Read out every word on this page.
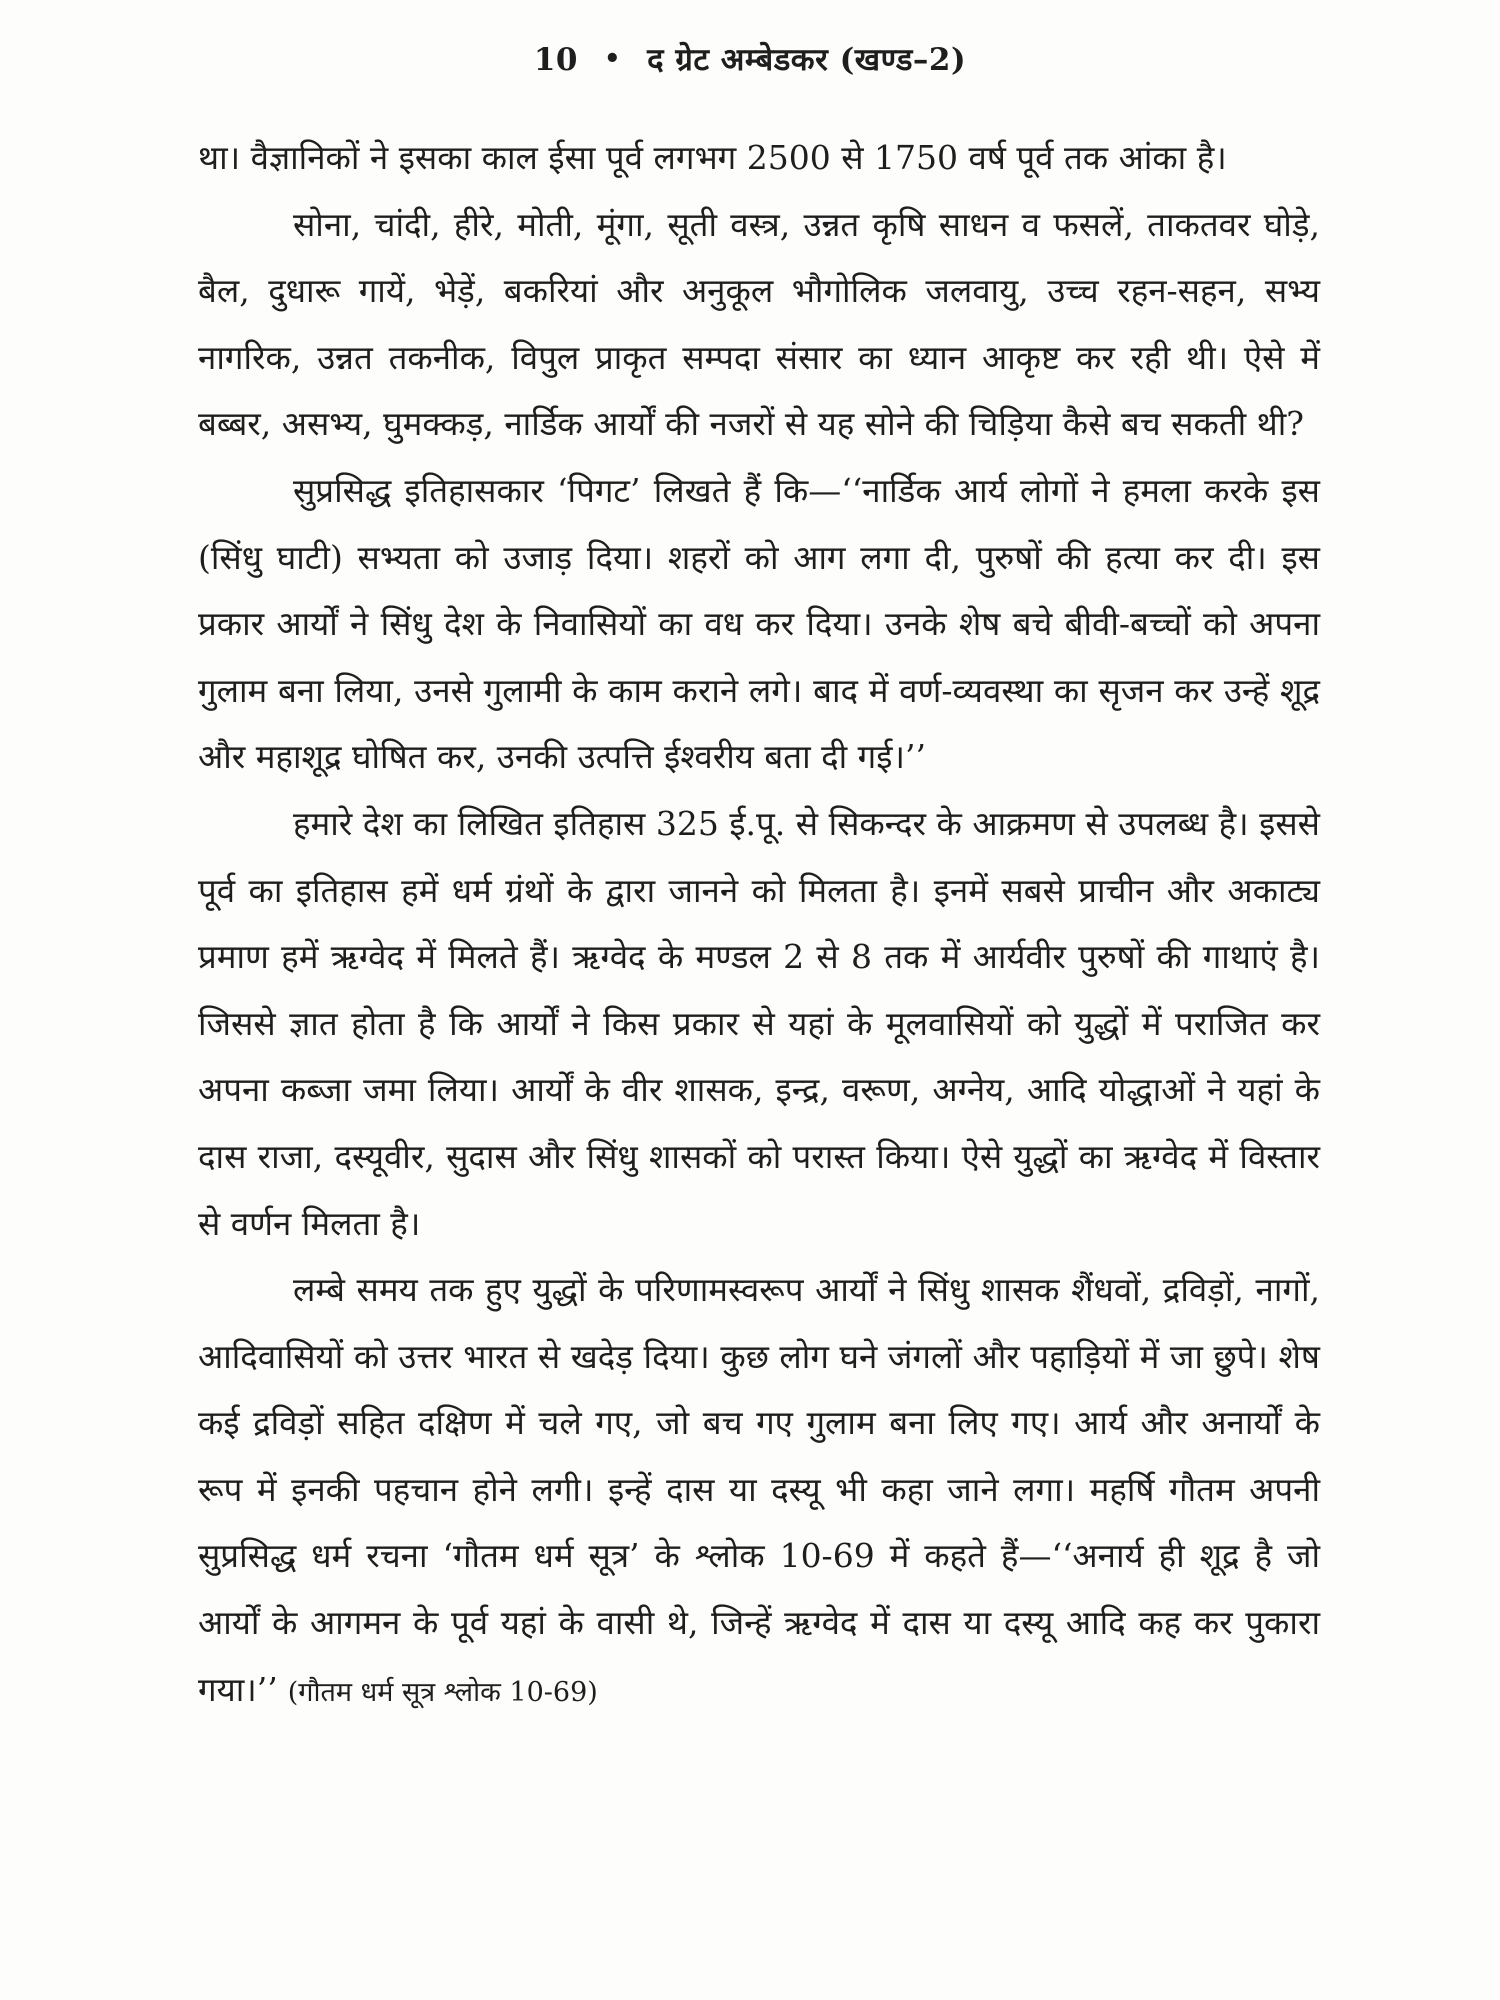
10 • द ग्रेट अम्बेडकर (खण्ड–2)

था। वैज्ञानिकों ने इसका काल ईसा पूर्व लगभग 2500 से 1750 वर्ष पूर्व तक आंका है।

सोना, चांदी, हीरे, मोती, मूंगा, सूती वस्त्र, उन्नत कृषि साधन व फसलें, ताकतवर घोड़े, बैल, दुधारू गायें, भेड़ें, बकरियां और अनुकूल भौगोलिक जलवायु, उच्च रहन-सहन, सभ्य नागरिक, उन्नत तकनीक, विपुल प्राकृत सम्पदा संसार का ध्यान आकृष्ट कर रही थी। ऐसे में बब्बर, असभ्य, घुमक्कड़, नार्डिक आर्यों की नजरों से यह सोने की चिड़िया कैसे बच सकती थी?

सुप्रसिद्ध इतिहासकार ‘पिगट’ लिखते हैं कि—‘‘नार्डिक आर्य लोगों ने हमला करके इस (सिंधु घाटी) सभ्यता को उजाड़ दिया। शहरों को आग लगा दी, पुरुषों की हत्या कर दी। इस प्रकार आर्यों ने सिंधु देश के निवासियों का वध कर दिया। उनके शेष बचे बीवी-बच्चों को अपना गुलाम बना लिया, उनसे गुलामी के काम कराने लगे। बाद में वर्ण-व्यवस्था का सृजन कर उन्हें शूद्र और महाशूद्र घोषित कर, उनकी उत्पत्ति ईश्वरीय बता दी गई।’’

हमारे देश का लिखित इतिहास 325 ई.पू. से सिकन्दर के आक्रमण से उपलब्ध है। इससे पूर्व का इतिहास हमें धर्म ग्रंथों के द्वारा जानने को मिलता है। इनमें सबसे प्राचीन और अकाट्य प्रमाण हमें ऋग्वेद में मिलते हैं। ऋग्वेद के मण्डल 2 से 8 तक में आर्यवीर पुरुषों की गाथाएं है। जिससे ज्ञात होता है कि आर्यों ने किस प्रकार से यहां के मूलवासियों को युद्धों में पराजित कर अपना कब्जा जमा लिया। आर्यों के वीर शासक, इन्द्र, वरूण, अग्नेय, आदि योद्धाओं ने यहां के दास राजा, दस्यूवीर, सुदास और सिंधु शासकों को परास्त किया। ऐसे युद्धों का ऋग्वेद में विस्तार से वर्णन मिलता है।

लम्बे समय तक हुए युद्धों के परिणामस्वरूप आर्यों ने सिंधु शासक शैंधवों, द्रविड़ों, नागों, आदिवासियों को उत्तर भारत से खदेड़ दिया। कुछ लोग घने जंगलों और पहाड़ियों में जा छुपे। शेष कई द्रविड़ों सहित दक्षिण में चले गए, जो बच गए गुलाम बना लिए गए। आर्य और अनार्यों के रूप में इनकी पहचान होने लगी। इन्हें दास या दस्यू भी कहा जाने लगा। महर्षि गौतम अपनी सुप्रसिद्ध धर्म रचना ‘गौतम धर्म सूत्र’ के श्लोक 10-69 में कहते हैं—‘‘अनार्य ही शूद्र है जो आर्यों के आगमन के पूर्व यहां के वासी थे, जिन्हें ऋग्वेद में दास या दस्यू आदि कह कर पुकारा गया।’’ (गौतम धर्म सूत्र श्लोक 10-69)
